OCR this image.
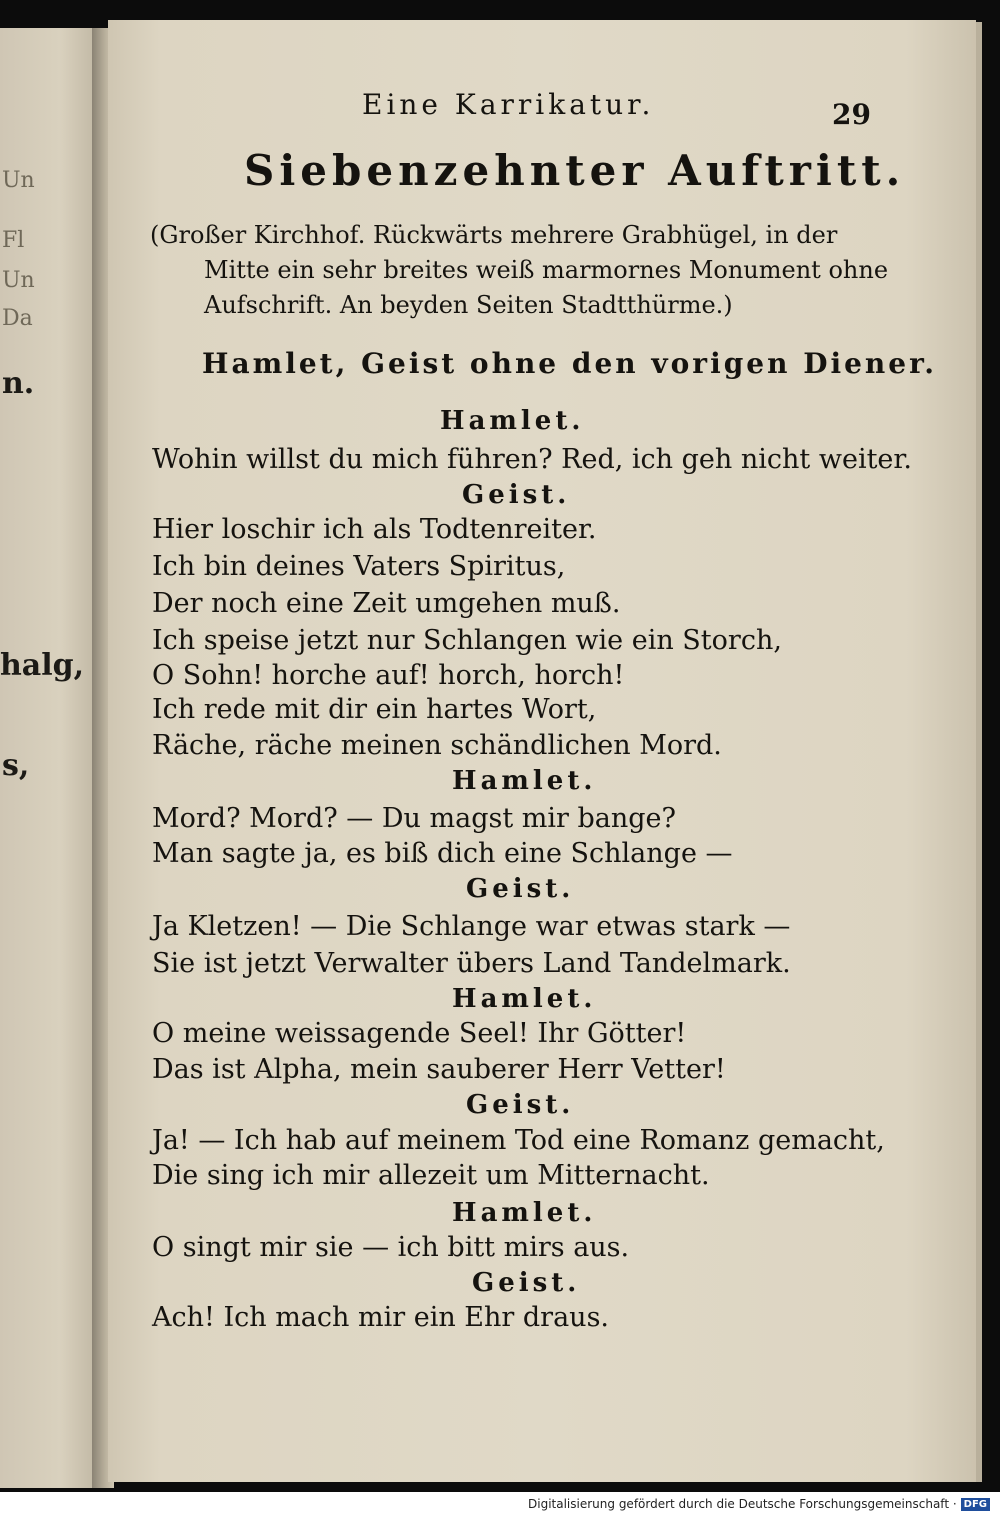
Un
Fl
Un
Da
n.
halg,
s,
Eine Karrikatur.	29
Siebenzehnter Auftritt.
(Großer Kirchhof. Rückwärts mehrere Grabhügel, in der
Mitte ein sehr breites weiß marmornes Monument ohne
Aufschrift. An beyden Seiten Stadtthürme.)
Hamlet, Geist ohne den vorigen Diener.
Hamlet.
Wohin willst du mich führen? Red, ich geh nicht weiter.
Geist.
Hier loschir ich als Todtenreiter.
Ich bin deines Vaters Spiritus,
Der noch eine Zeit umgehen muß.
Ich speise jetzt nur Schlangen wie ein Storch,
O Sohn! horche auf! horch, horch!
Ich rede mit dir ein hartes Wort,
Räche, räche meinen schändlichen Mord.
Hamlet.
Mord? Mord? — Du magst mir bange?
Man sagte ja, es biß dich eine Schlange —
Geist.
Ja Kletzen! — Die Schlange war etwas stark —
Sie ist jetzt Verwalter übers Land Tandelmark.
Hamlet.
O meine weissagende Seel! Ihr Götter!
Das ist Alpha, mein sauberer Herr Vetter!
Geist.
Ja! — Ich hab auf meinem Tod eine Romanz gemacht,
Die sing ich mir allezeit um Mitternacht.
Hamlet.
O singt mir sie — ich bitt mirs aus.
Geist.
Ach! Ich mach mir ein Ehr draus.
Digitalisierung gefördert durch die Deutsche Forschungsgemeinschaft · DFG
